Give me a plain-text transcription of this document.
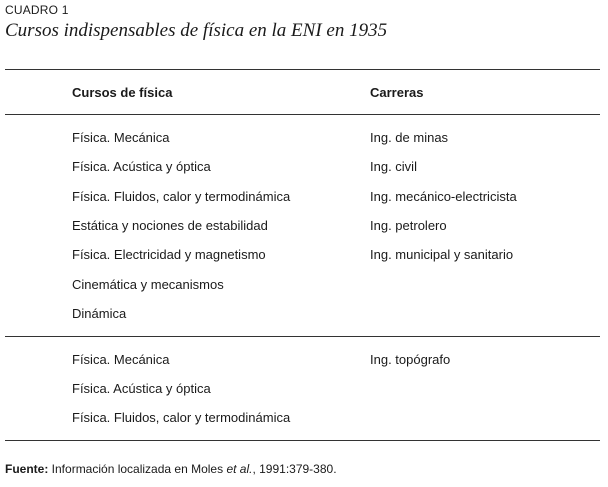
CUADRO 1
Cursos indispensables de física en la ENI en 1935
Cursos de física	Carreras
Física. Mecánica
Física. Acústica y óptica
Física. Fluidos, calor y termodinámica
Estática y nociones de estabilidad
Física. Electricidad y magnetismo
Cinemática y mecanismos
Dinámica
Ing. de minas
Ing. civil
Ing. mecánico-electricista
Ing. petrolero
Ing. municipal y sanitario
Física. Mecánica
Física. Acústica y óptica
Física. Fluidos, calor y termodinámica
Ing. topógrafo
Fuente: Información localizada en Moles et al., 1991:379-380.
